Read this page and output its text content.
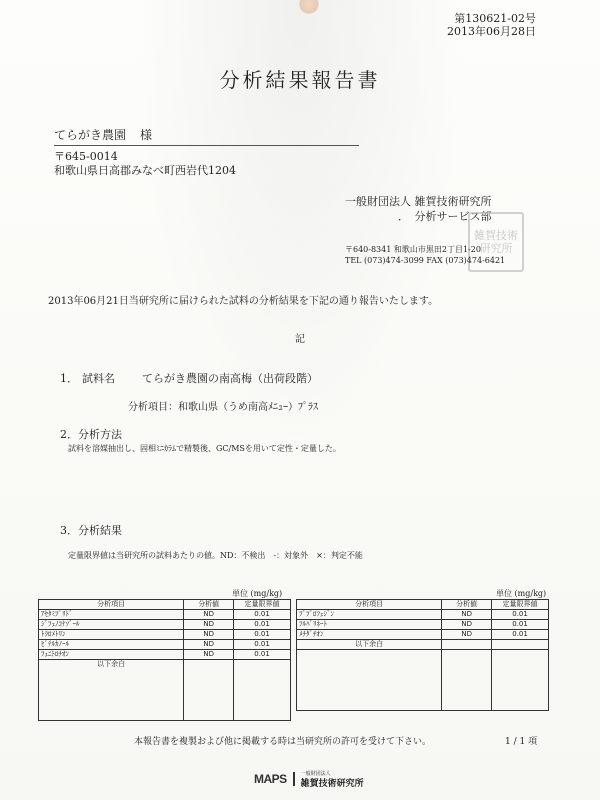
第130621-02号
2013年06月28日
分析結果報告書
てらがき農園 様
〒645-0014
和歌山県日高郡みなべ町西岩代1204
一般財団法人 雑賀技術研究所
．　分析サービス部
雑賀技術研究所
〒640-8341 和歌山市黒田2丁目1-20
TEL (073)474-3099 FAX (073)474-6421
2013年06月21日当研究所に届けられた試料の分析結果を下記の通り報告いたします。
記
1． 試料名 てらがき農園の南高梅（出荷段階）
分析項目：和歌山県（うめ南高ﾒﾆｭｰ）ﾌﾟﾗｽ
2．分析方法
試料を溶媒抽出し、固相ﾐﾆｶﾗﾑで精製後、GC/MSを用いて定性・定量した。
3．分析結果
定量限界値は当研究所の試料あたりの値。ND：不検出　-：対象外　×：判定不能
単位 (mg/kg)	単位 (mg/kg)
分析項目	分析値	定量限界値
ｱｾﾀﾐﾌﾟﾘﾄﾞ	ND	0.01
ｼﾞﾌｪﾉｺﾅｿﾞｰﾙ	ND	0.01
ﾄﾗﾛﾒﾄﾘﾝ	ND	0.01
ﾋﾟﾃﾙｶﾉｰﾙ	ND	0.01
ﾌｪﾆﾄﾛﾁｵﾝ	ND	0.01
以下余白		
分析項目	分析値	定量限界値
ﾌﾟﾌﾟﾛﾌｪｼﾞﾝ	ND	0.01
ﾌﾙﾊﾞﾘﾈｰﾄ	ND	0.01
ﾒﾁﾀﾞﾁｵﾝ	ND	0.01
以下余白		

本報告書を複製および他に掲載する時は当研究所の許可を受けて下さい。	1 / 1 項
MAPS	一般財団法人
雑賀技術研究所
